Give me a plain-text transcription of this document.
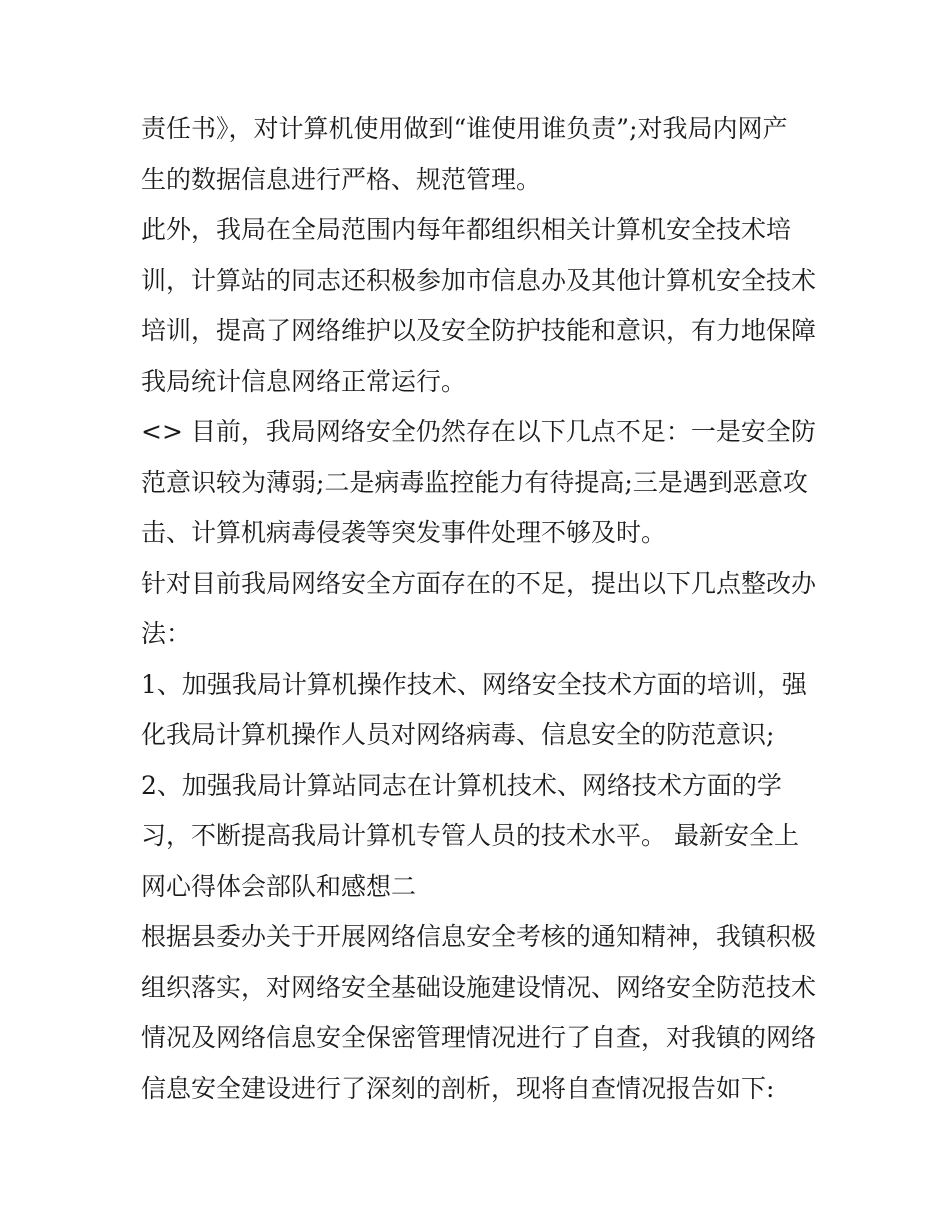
责任书》，对计算机使用做到“谁使用谁负责”;对我局内网产
生的数据信息进行严格、规范管理。
此外，我局在全局范围内每年都组织相关计算机安全技术培
训，计算站的同志还积极参加市信息办及其他计算机安全技术
培训，提高了网络维护以及安全防护技能和意识，有力地保障
我局统计信息网络正常运行。
<> 目前，我局网络安全仍然存在以下几点不足：一是安全防
范意识较为薄弱;二是病毒监控能力有待提高;三是遇到恶意攻
击、计算机病毒侵袭等突发事件处理不够及时。
针对目前我局网络安全方面存在的不足，提出以下几点整改办
法：
1、加强我局计算机操作技术、网络安全技术方面的培训，强
化我局计算机操作人员对网络病毒、信息安全的防范意识;
2、加强我局计算站同志在计算机技术、网络技术方面的学
习，不断提高我局计算机专管人员的技术水平。 最新安全上
网心得体会部队和感想二
根据县委办关于开展网络信息安全考核的通知精神，我镇积极
组织落实，对网络安全基础设施建设情况、网络安全防范技术
情况及网络信息安全保密管理情况进行了自查，对我镇的网络
信息安全建设进行了深刻的剖析，现将自查情况报告如下:
